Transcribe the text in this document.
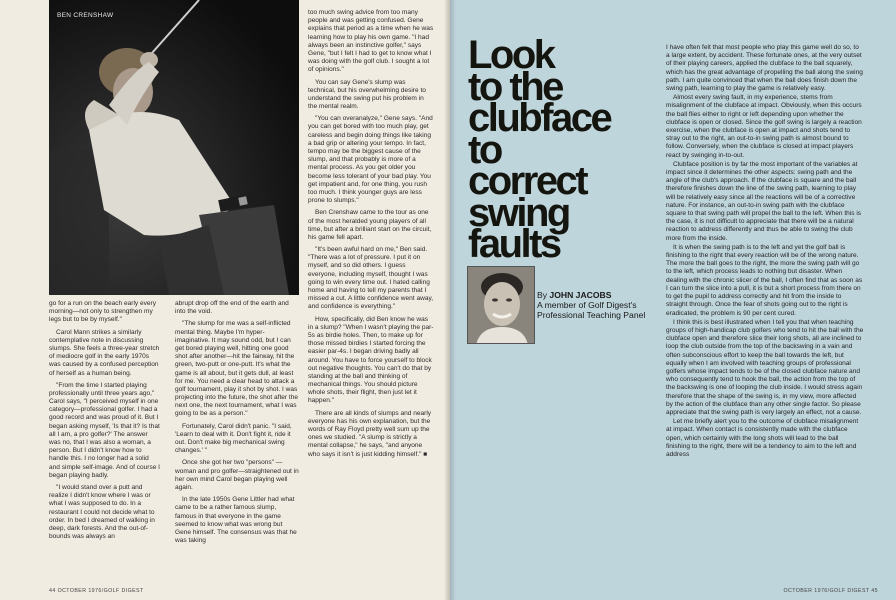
BEN CRENSHAW

go for a run on the beach early every morning—not only to strengthen my legs but to be by myself."

Carol Mann strikes a similarly contemplative note in discussing slumps. She feels a three-year stretch of mediocre golf in the early 1970s was caused by a confused perception of herself as a human being.

"From the time I started playing professionally until three years ago," Carol says, "I perceived myself in one category—professional golfer. I had a good record and was proud of it. But I began asking myself, 'Is that it? Is that all I am, a pro golfer?' The answer was no, that I was also a woman, a person. But I didn't know how to handle this. I no longer had a solid and simple self-image. And of course I began playing badly.

"I would stand over a putt and realize I didn't know where I was or what I was supposed to do. In a restaurant I could not decide what to order. In bed I dreamed of walking in deep, dark forests. And the out-of-bounds was always an

abrupt drop off the end of the earth and into the void.

"The slump for me was a self-inflicted mental thing. Maybe I'm hyper-imaginative. It may sound odd, but I can get bored playing well, hitting one good shot after another—hit the fairway, hit the green, two-putt or one-putt. It's what the game is all about, but it gets dull, at least for me. You need a clear head to attack a golf tournament, play it shot by shot. I was projecting into the future, the shot after the next one, the next tournament, what I was going to be as a person."

Fortunately, Carol didn't panic. "I said, 'Learn to deal with it. Don't fight it, ride it out. Don't make big mechanical swing changes.' "

Once she got her two "persons" —woman and pro golfer—straightened out in her own mind Carol began playing well again.

In the late 1950s Gene Littler had what came to be a rather famous slump, famous in that everyone in the game seemed to know what was wrong but Gene himself. The consensus was that he was taking

too much swing advice from too many people and was getting confused. Gene explains that period as a time when he was learning how to play his own game. "I had always been an instinctive golfer," says Gene, "but I felt I had to get to know what I was doing with the golf club. I sought a lot of opinions."

You can say Gene's slump was technical, but his overwhelming desire to understand the swing put his problem in the mental realm.

"You can overanalyze," Gene says. "And you can get bored with too much play, get careless and begin doing things like taking a bad grip or altering your tempo. In fact, tempo may be the biggest cause of the slump, and that probably is more of a mental process. As you get older you become less tolerant of your bad play. You get impatient and, for one thing, you rush too much. I think younger guys are less prone to slumps."

Ben Crenshaw came to the tour as one of the most heralded young players of all time, but after a brilliant start on the circuit, his game fell apart.

"It's been awful hard on me," Ben said. "There was a lot of pressure. I put it on myself, and so did others. I guess everyone, including myself, thought I was going to win every time out. I hated calling home and having to tell my parents that I missed a cut. A little confidence went away, and confidence is everything."

How, specifically, did Ben know he was in a slump? "When I wasn't playing the par-5s as birdie holes. Then, to make up for those missed birdies I started forcing the easier par-4s. I began driving badly all around. You have to force yourself to block out negative thoughts. You can't do that by standing at the ball and thinking of mechanical things. You should picture whole shots, their flight, then just let it happen."

There are all kinds of slumps and nearly everyone has his own explanation, but the words of Ray Floyd pretty well sum up the ones we studied. "A slump is strictly a mental collapse," he says, "and anyone who says it isn't is just kidding himself." ■

44 OCTOBER 1976/GOLF DIGEST
Look
to the
clubface
to
correct
swing
faults
By JOHN JACOBS
A member of Golf Digest's Professional Teaching Panel

I have often felt that most people who play this game well do so, to a large extent, by accident. These fortunate ones, at the very outset of their playing careers, applied the clubface to the ball squarely, which has the great advantage of propelling the ball along the swing path. I am quite convinced that when the ball does finish down the swing path, learning to play the game is relatively easy.

Almost every swing fault, in my experience, stems from misalignment of the clubface at impact. Obviously, when this occurs the ball flies either to right or left depending upon whether the clubface is open or closed. Since the golf swing is largely a reaction exercise, when the clubface is open at impact and shots tend to stray out to the right, an out-to-in swing path is almost bound to follow. Conversely, when the clubface is closed at impact players react by swinging in-to-out.

Clubface position is by far the most important of the variables at impact since it determines the other aspects: swing path and the angle of the club's approach. If the clubface is square and the ball therefore finishes down the line of the swing path, learning to play will be relatively easy since all the reactions will be of a corrective nature. For instance, an out-to-in swing path with the clubface square to that swing path will propel the ball to the left. When this is the case, it is not difficult to appreciate that there will be a natural reaction to address differently and thus be able to swing the club more from the inside.

It is when the swing path is to the left and yet the golf ball is finishing to the right that every reaction will be of the wrong nature. The more the ball goes to the right, the more the swing path will go to the left, which process leads to nothing but disaster. When dealing with the chronic slicer of the ball, I often find that as soon as I can turn the slice into a pull, it is but a short process from there on to get the pupil to address correctly and hit from the inside to straight through. Once the fear of shots going out to the right is eradicated, the problem is 90 per cent cured.

I think this is best illustrated when I tell you that when teaching groups of high-handicap club golfers who tend to hit the ball with the clubface open and therefore slice their long shots, all are inclined to loop the club outside from the top of the backswing in a vain and often subconscious effort to keep the ball towards the left, but equally when I am involved with teaching groups of professional golfers whose impact tends to be of the closed clubface nature and who consequently tend to hook the ball, the action from the top of the backswing is one of looping the club inside. I would stress again therefore that the shape of the swing is, in my view, more affected by the action of the clubface than any other single factor. So please appreciate that the swing path is very largely an effect, not a cause.

Let me briefly alert you to the outcome of clubface misalignment at impact. When contact is consistently made with the clubface open, which certainly with the long shots will lead to the ball finishing to the right, there will be a tendency to aim to the left and address

OCTOBER 1976/GOLF DIGEST 45
